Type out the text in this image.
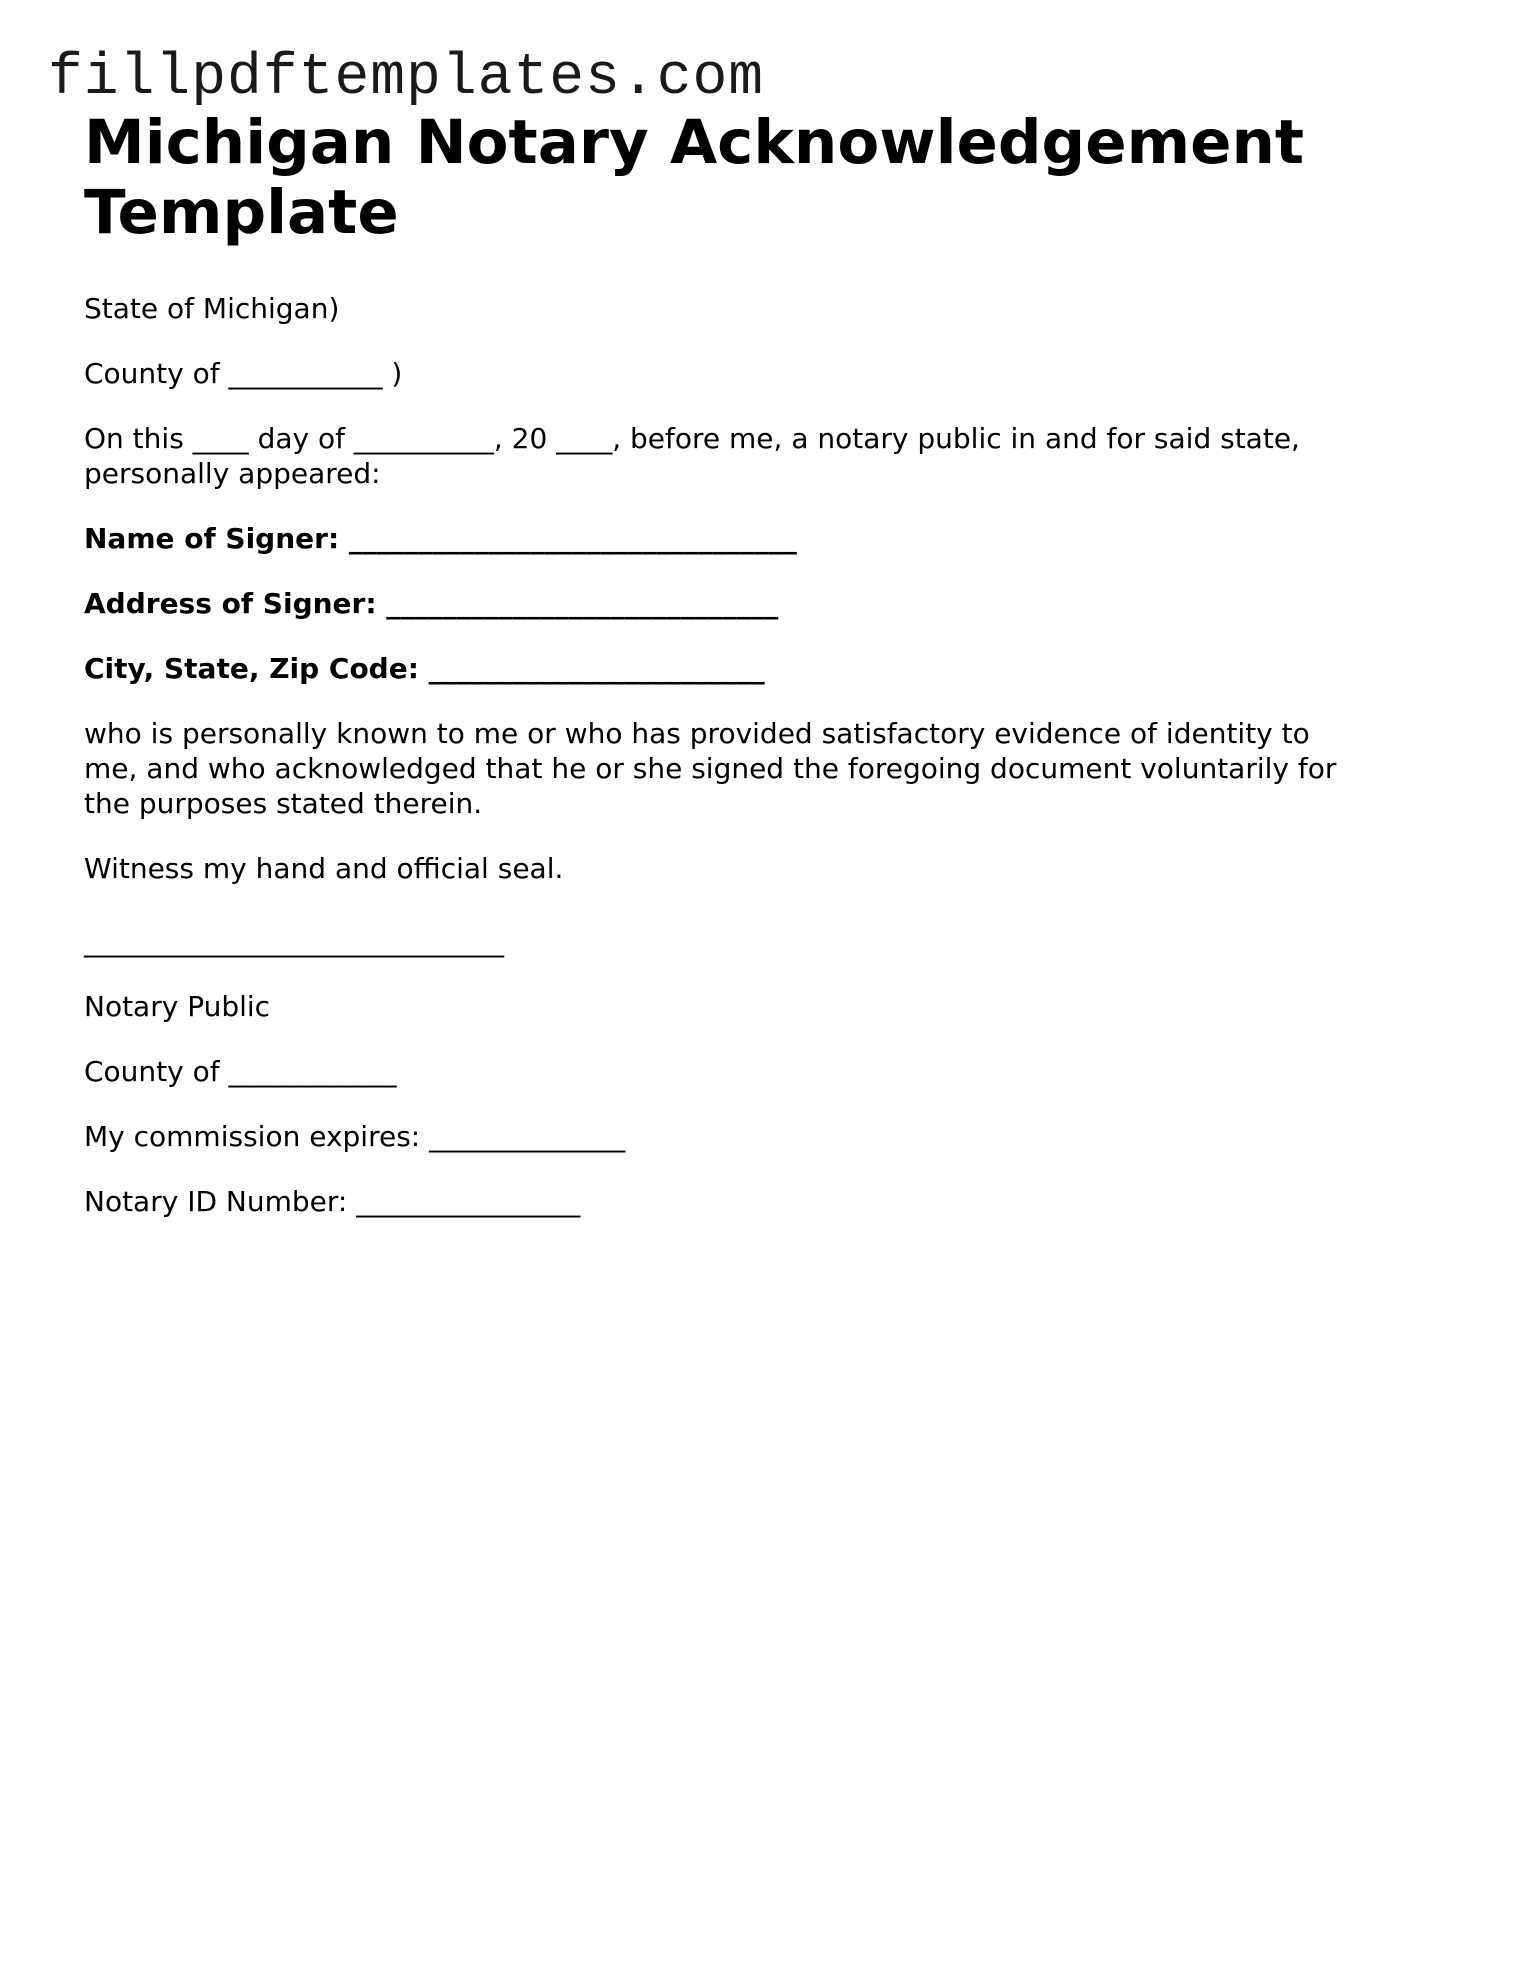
fillpdftemplates.com
Michigan Notary Acknowledgement
Template
State of Michigan)
County of ___________ )
On this ____ day of __________, 20 ____, before me, a notary public in and for said state,
personally appeared:
Name of Signer: ________________________________
Address of Signer: ____________________________
City, State, Zip Code: ________________________
who is personally known to me or who has provided satisfactory evidence of identity to
me, and who acknowledged that he or she signed the foregoing document voluntarily for
the purposes stated therein.
Witness my hand and official seal.
______________________________
Notary Public
County of ____________
My commission expires: ______________
Notary ID Number: ________________
